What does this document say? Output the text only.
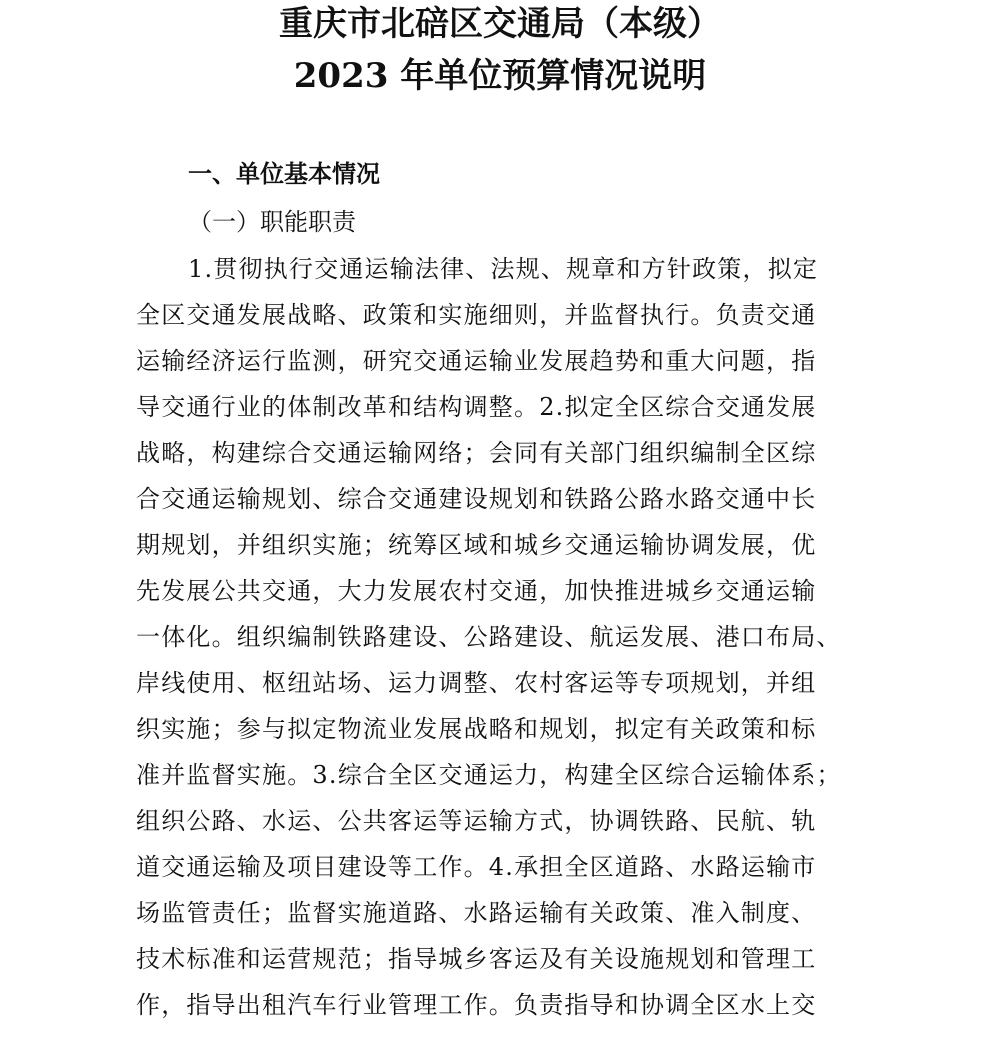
重庆市北碚区交通局（本级）
2023 年单位预算情况说明
一、单位基本情况
（一）职能职责
1.贯彻执行交通运输法律、法规、规章和方针政策，拟定
全区交通发展战略、政策和实施细则，并监督执行。负责交通
运输经济运行监测，研究交通运输业发展趋势和重大问题，指
导交通行业的体制改革和结构调整。2.拟定全区综合交通发展
战略，构建综合交通运输网络；会同有关部门组织编制全区综
合交通运输规划、综合交通建设规划和铁路公路水路交通中长
期规划，并组织实施；统筹区域和城乡交通运输协调发展，优
先发展公共交通，大力发展农村交通，加快推进城乡交通运输
一体化。组织编制铁路建设、公路建设、航运发展、港口布局、
岸线使用、枢纽站场、运力调整、农村客运等专项规划，并组
织实施；参与拟定物流业发展战略和规划，拟定有关政策和标
准并监督实施。3.综合全区交通运力，构建全区综合运输体系；
组织公路、水运、公共客运等运输方式，协调铁路、民航、轨
道交通运输及项目建设等工作。4.承担全区道路、水路运输市
场监管责任；监督实施道路、水路运输有关政策、准入制度、
技术标准和运营规范；指导城乡客运及有关设施规划和管理工
作，指导出租汽车行业管理工作。负责指导和协调全区水上交
